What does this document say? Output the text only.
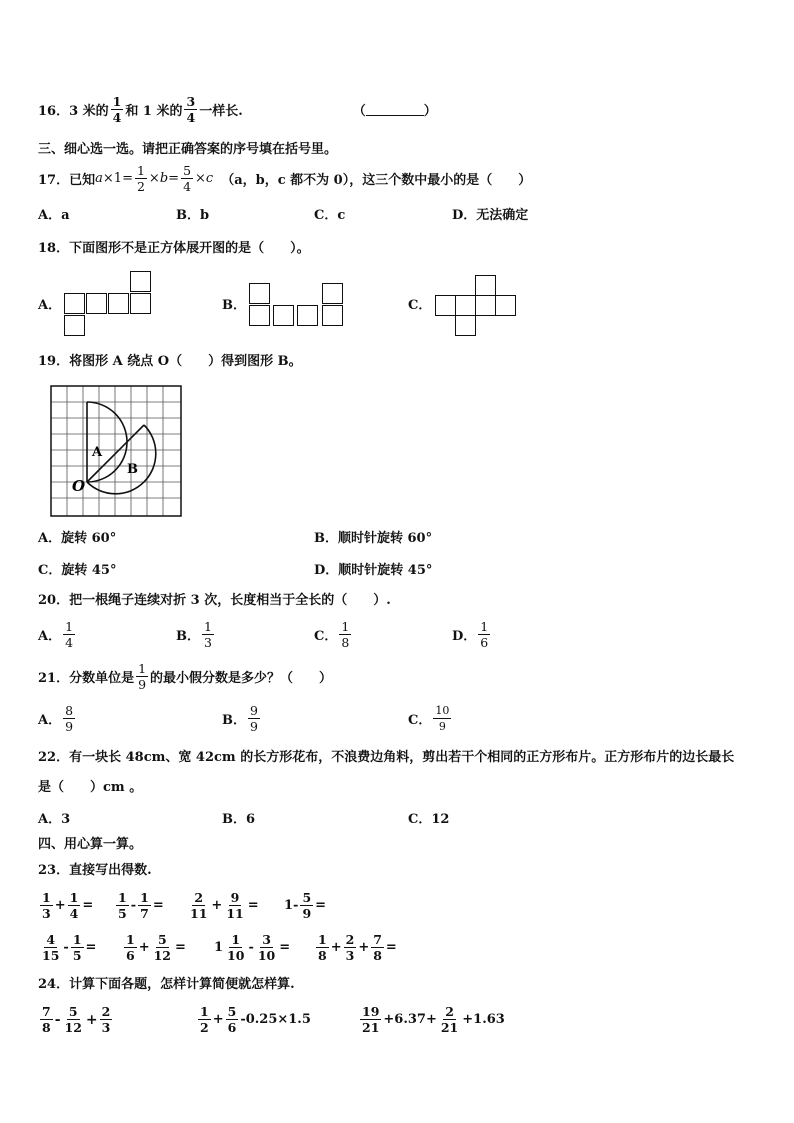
16． 3 米的 $\frac{1}{4}$ 和 1 米的 $\frac{3}{4}$ 一样长.	（	）
三、细心选一选。请把正确答案的序号填在括号里。
17． 已知 $a \times 1 = \frac{1}{2} \times b = \frac{5}{4} \times c$ （a，b，c 都不为 0），这三个数中最小的是（　　）
A．a	B．b	C．c	D．无法确定
18．下面图形不是正方体展开图的是（　　）。
A．	B．	C．
19．将图形 A 绕点 O（　　）得到图形 B。
A
B
O
A．旋转 60°	B．顺时针旋转 60°
C．旋转 45°	D．顺时针旋转 45°
20．把一根绳子连续对折 3 次，长度相当于全长的（　　）.
A． $\frac{1}{4}$	B． $\frac{1}{3}$	C． $\frac{1}{8}$	D． $\frac{1}{6}$
21．分数单位是 $\frac{1}{9}$ 的最小假分数是多少？（　　）
A． $\frac{8}{9}$	B． $\frac{9}{9}$	C． $\frac{10}{9}$
22．有一块长 48cm、宽 42cm 的长方形花布，不浪费边角料，剪出若干个相同的正方形布片。正方形布片的边长最长
是（　　）cm 。
A．3	B．6	C．12
四、用心算一算。
23．直接写出得数.
$\frac{1}{3} + \frac{1}{4} = \frac{1}{5} - \frac{1}{7} = \frac{2}{11} + \frac{9}{11} = 1- \frac{5}{9}$ =
$\frac{4}{15} - \frac{1}{5} = \frac{1}{6} + \frac{5}{12} = 1 \frac{1}{10} - \frac{3}{10} = \frac{1}{8} + \frac{2}{3} + \frac{7}{8}$ =
24．计算下面各题，怎样计算简便就怎样算.
$\frac{7}{8} - \frac{5}{12} + \frac{2}{3}$	$\frac{1}{2} + \frac{5}{6} -0.25\times 1.5$	$\frac{19}{21} +6.37+ \frac{2}{21} +1.63$
